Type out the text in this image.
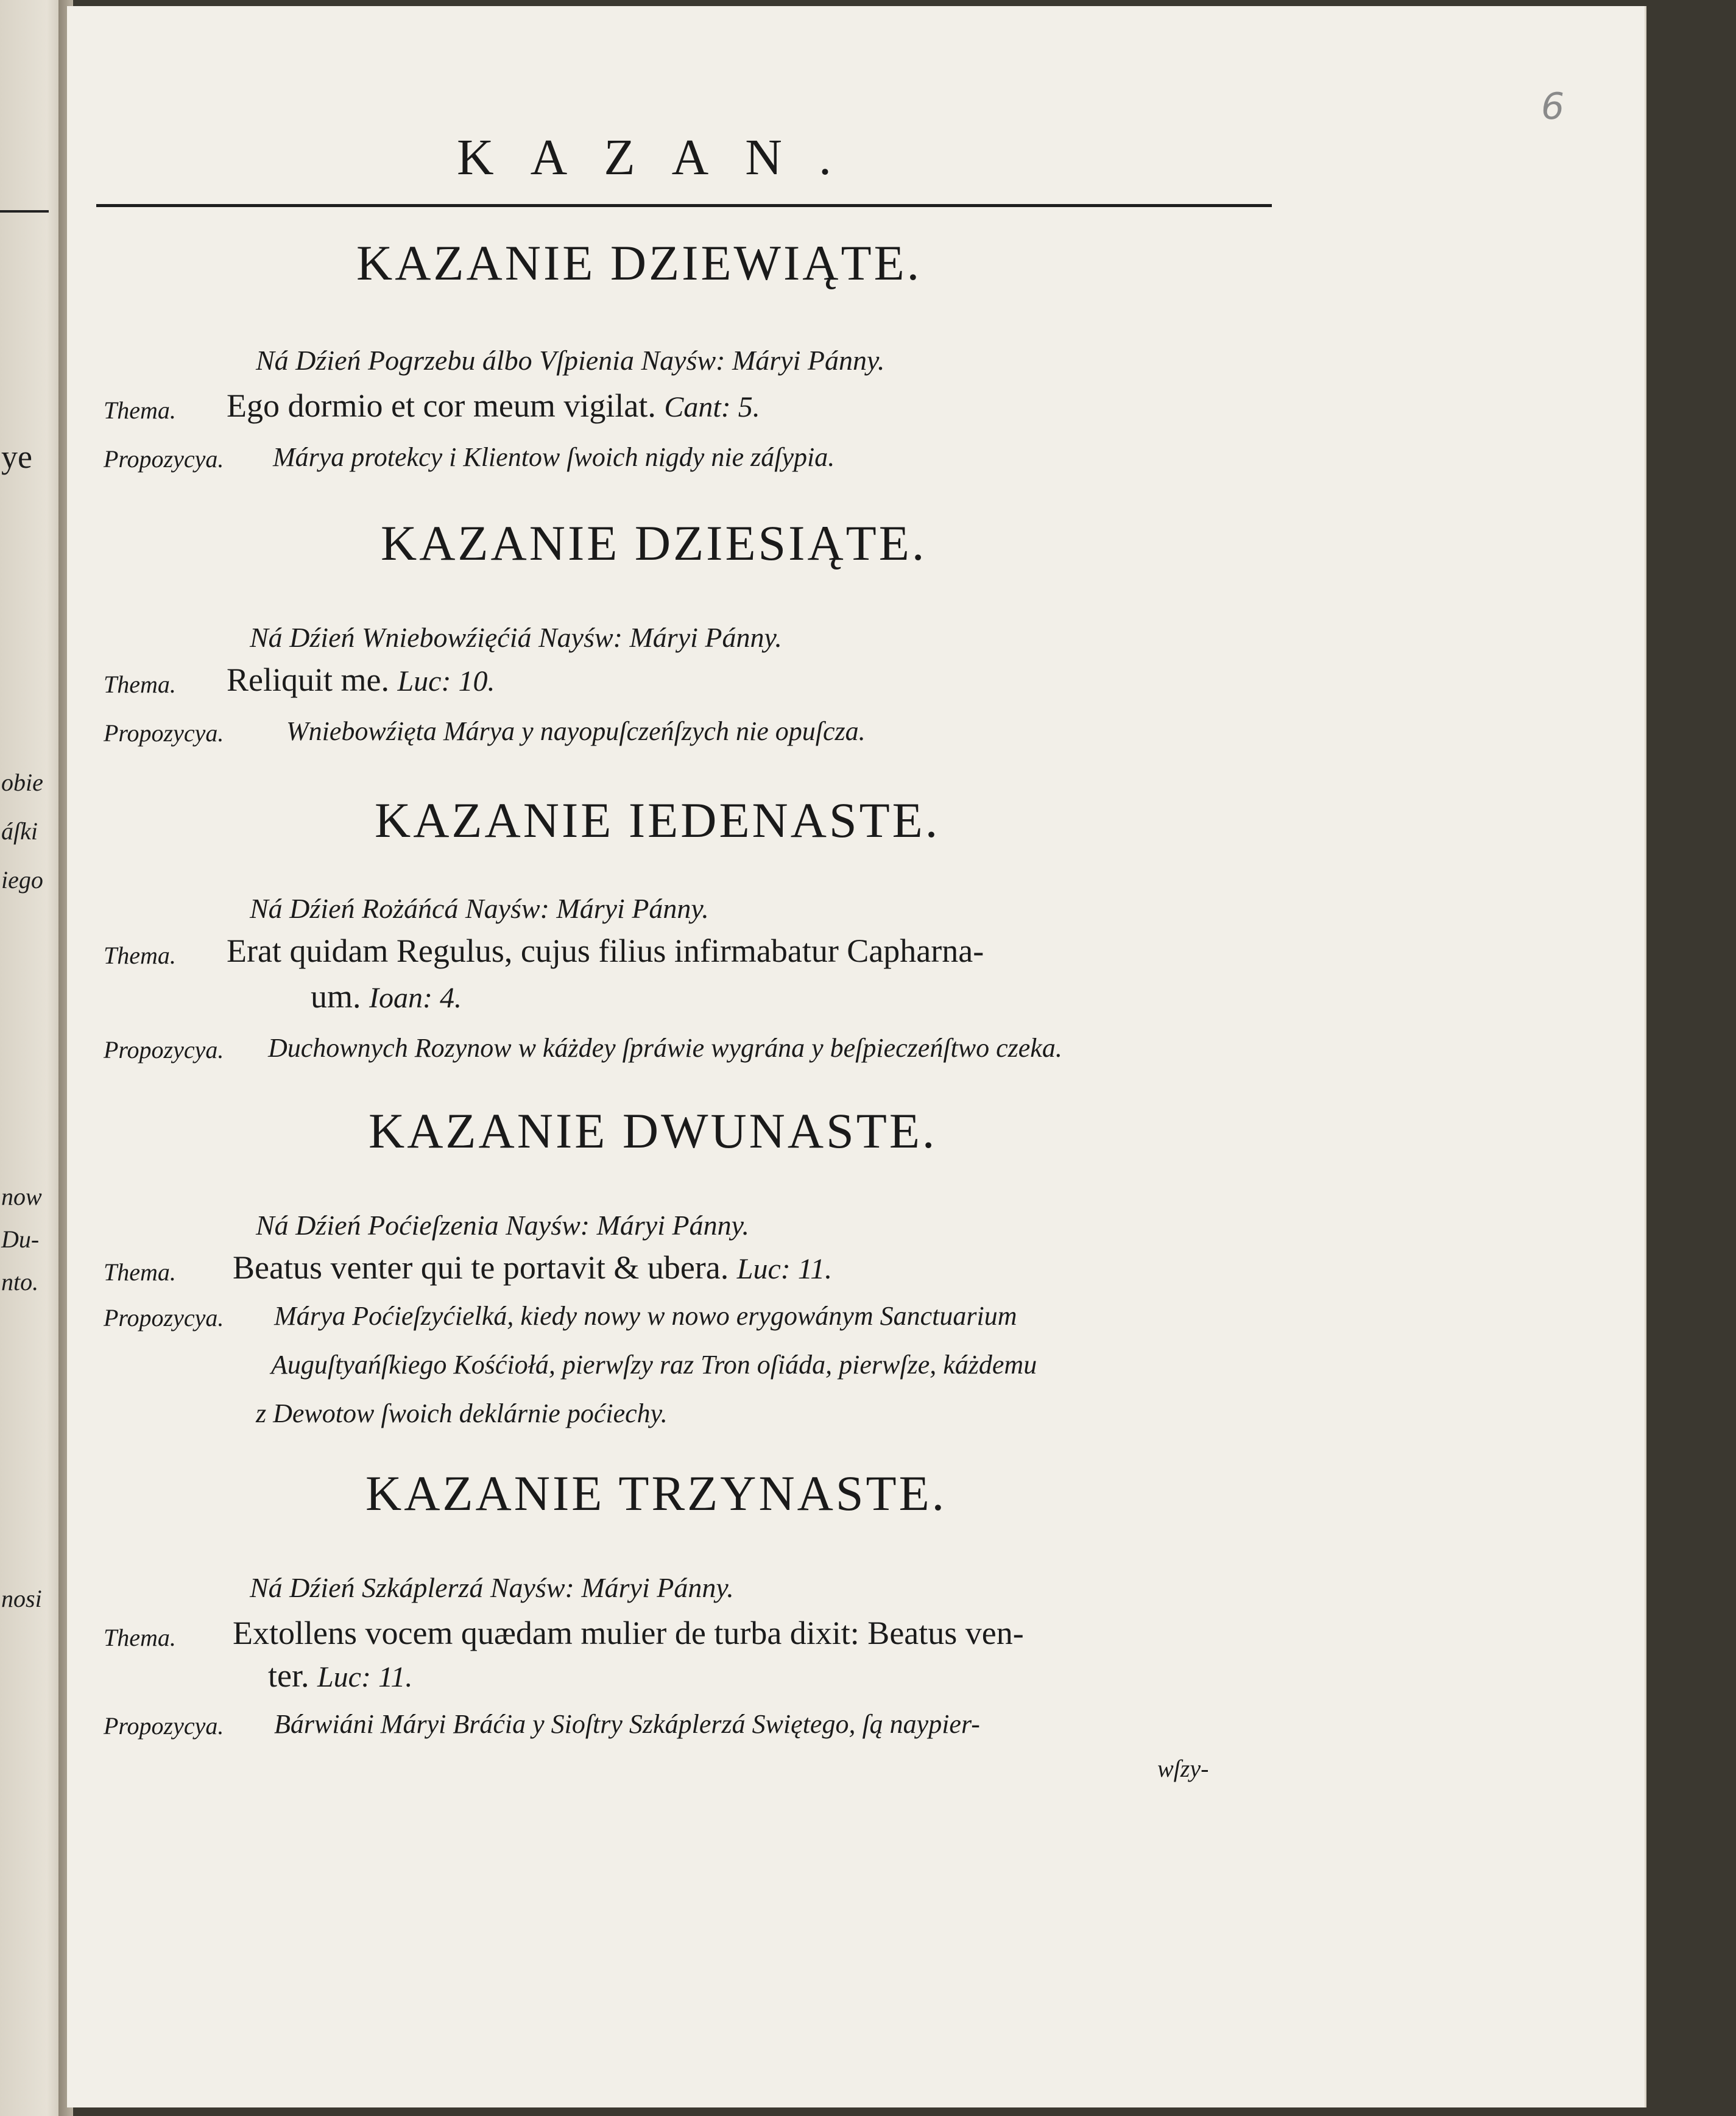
ye
obie
áſki
iego
now
Du-
nto.
nosi
6
KAZAN.
KAZANIE DZIEWIĄTE.
Ná Dźień Pogrzebu álbo Vſpienia Nayśw: Máryi Pánny.
Thema. Ego dormio et cor meum vigilat. Cant: 5.
Propozycya. Márya protekcy i Klientow ſwoich nigdy nie záſypia.
KAZANIE DZIESIĄTE.
Ná Dźień Wniebowźięćiá Nayśw: Máryi Pánny.
Thema. Reliquit me. Luc: 10.
Propozycya. Wniebowźięta Márya y nayopuſczeńſzych nie opuſcza.
KAZANIE IEDENASTE.
Ná Dźień Rożáńcá Nayśw: Máryi Pánny.
Thema. Erat quidam Regulus, cujus filius infirmabatur Capharna-
um. Ioan: 4.
Propozycya. Duchownych Rozynow w káżdey ſpráwie wygrána y beſpieczeńſtwo czeka.
KAZANIE DWUNASTE.
Ná Dźień Poćieſzenia Nayśw: Máryi Pánny.
Thema. Beatus venter qui te portavit & ubera. Luc: 11.
Propozycya. Márya Poćieſzyćielká, kiedy nowy w nowo erygowánym Sanctuarium
Auguſtyańſkiego Kośćiołá, pierwſzy raz Tron oſiáda, pierwſze, káżdemu
z Dewotow ſwoich deklárnie poćiechy.
KAZANIE TRZYNASTE.
Ná Dźień Szkáplerzá Nayśw: Máryi Pánny.
Thema. Extollens vocem quædam mulier de turba dixit: Beatus ven-
ter. Luc: 11.
Propozycya. Bárwiáni Máryi Bráćia y Sioſtry Szkáplerzá Swiętego, ſą naypier-
wſzy-
